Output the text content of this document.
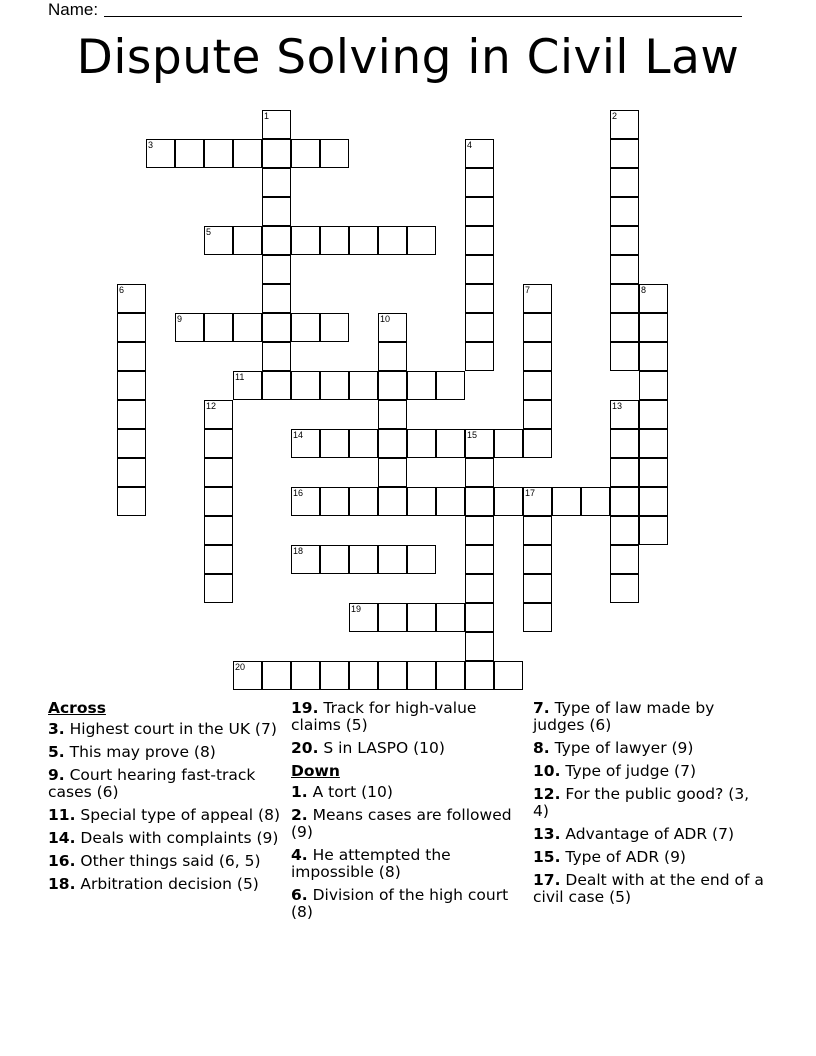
Name:
Dispute Solving in Civil Law
3
5
9
11
14	15
16	17
18
19
20
1	2
4
6	7	8
10
12	13
Across
3. Highest court in the UK (7)
5. This may prove (8)
9. Court hearing fast-track cases (6)
11. Special type of appeal (8)
14. Deals with complaints (9)
16. Other things said (6, 5)
18. Arbitration decision (5)
19. Track for high-value claims (5)
20. S in LASPO (10)
Down
1. A tort (10)
2. Means cases are followed (9)
4. He attempted the impossible (8)
6. Division of the high court (8)
7. Type of law made by judges (6)
8. Type of lawyer (9)
10. Type of judge (7)
12. For the public good? (3, 4)
13. Advantage of ADR (7)
15. Type of ADR (9)
17. Dealt with at the end of a civil case (5)
